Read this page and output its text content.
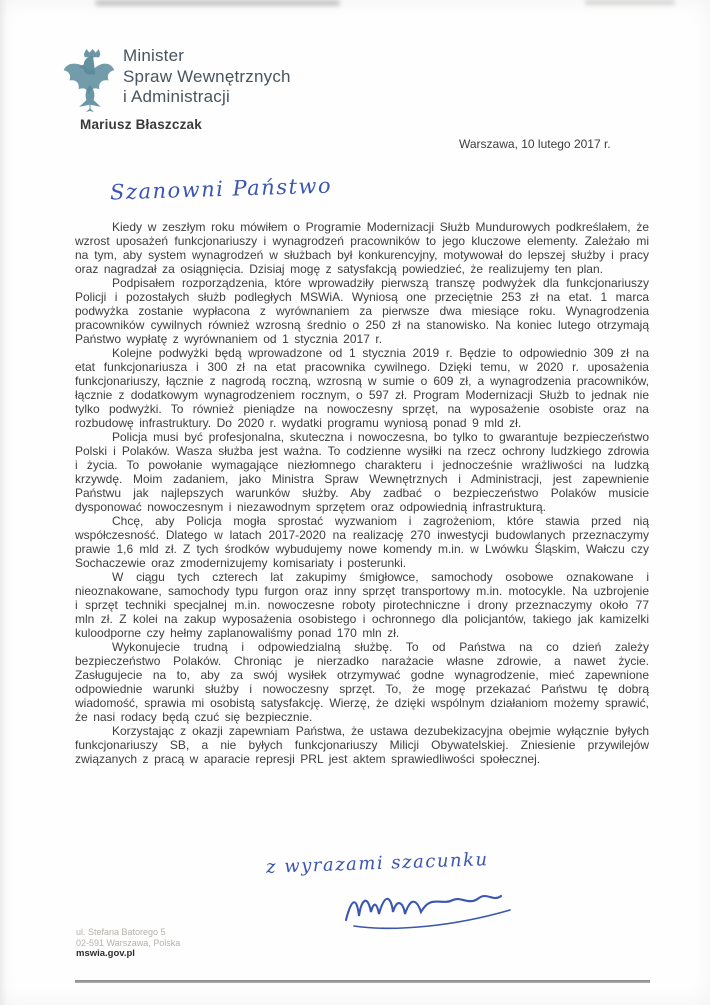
Minister
Spraw Wewnętrznych
i Administracji
Mariusz Błaszczak
Warszawa, 10 lutego 2017 r.
Szanowni Państwo

Kiedy w zeszłym roku mówiłem o Programie Modernizacji Służb Mundurowych podkreślałem, że wzrost uposażeń funkcjonariuszy i wynagrodzeń pracowników to jego kluczowe elementy. Zależało mi na tym, aby system wynagrodzeń w służbach był konkurencyjny, motywował do lepszej służby i pracy oraz nagradzał za osiągnięcia. Dzisiaj mogę z satysfakcją powiedzieć, że realizujemy ten plan.

Podpisałem rozporządzenia, które wprowadziły pierwszą transzę podwyżek dla funkcjonariuszy Policji i pozostałych służb podległych MSWiA. Wyniosą one przeciętnie 253 zł na etat. 1 marca podwyżka zostanie wypłacona z wyrównaniem za pierwsze dwa miesiące roku. Wynagrodzenia pracowników cywilnych również wzrosną średnio o 250 zł na stanowisko. Na koniec lutego otrzymają Państwo wypłatę z wyrównaniem od 1 stycznia 2017 r.

Kolejne podwyżki będą wprowadzone od 1 stycznia 2019 r. Będzie to odpowiednio 309 zł na etat funkcjonariusza i 300 zł na etat pracownika cywilnego. Dzięki temu, w 2020 r. uposażenia funkcjonariuszy, łącznie z nagrodą roczną, wzrosną w sumie o 609 zł, a wynagrodzenia pracowników, łącznie z dodatkowym wynagrodzeniem rocznym, o 597 zł. Program Modernizacji Służb to jednak nie tylko podwyżki. To również pieniądze na nowoczesny sprzęt, na wyposażenie osobiste oraz na rozbudowę infrastruktury. Do 2020 r. wydatki programu wyniosą ponad 9 mld zł.

Policja musi być profesjonalna, skuteczna i nowoczesna, bo tylko to gwarantuje bezpieczeństwo Polski i Polaków. Wasza służba jest ważna. To codzienne wysiłki na rzecz ochrony ludzkiego zdrowia i życia. To powołanie wymagające niezłomnego charakteru i jednocześnie wrażliwości na ludzką krzywdę. Moim zadaniem, jako Ministra Spraw Wewnętrznych i Administracji, jest zapewnienie Państwu jak najlepszych warunków służby. Aby zadbać o bezpieczeństwo Polaków musicie dysponować nowoczesnym i niezawodnym sprzętem oraz odpowiednią infrastrukturą.

Chcę, aby Policja mogła sprostać wyzwaniom i zagrożeniom, które stawia przed nią współczesność. Dlatego w latach 2017-2020 na realizację 270 inwestycji budowlanych przeznaczymy prawie 1,6 mld zł. Z tych środków wybudujemy nowe komendy m.in. w Lwówku Śląskim, Wałczu czy Sochaczewie oraz zmodernizujemy komisariaty i posterunki.

W ciągu tych czterech lat zakupimy śmigłowce, samochody osobowe oznakowane i nieoznakowane, samochody typu furgon oraz inny sprzęt transportowy m.in. motocykle. Na uzbrojenie i sprzęt techniki specjalnej m.in. nowoczesne roboty pirotechniczne i drony przeznaczymy około 77 mln zł. Z kolei na zakup wyposażenia osobistego i ochronnego dla policjantów, takiego jak kamizelki kuloodporne czy hełmy zaplanowaliśmy ponad 170 mln zł.

Wykonujecie trudną i odpowiedzialną służbę. To od Państwa na co dzień zależy bezpieczeństwo Polaków. Chroniąc je nierzadko narażacie własne zdrowie, a nawet życie. Zasługujecie na to, aby za swój wysiłek otrzymywać godne wynagrodzenie, mieć zapewnione odpowiednie warunki służby i nowoczesny sprzęt. To, że mogę przekazać Państwu tę dobrą wiadomość, sprawia mi osobistą satysfakcję. Wierzę, że dzięki wspólnym działaniom możemy sprawić, że nasi rodacy będą czuć się bezpiecznie.

Korzystając z okazji zapewniam Państwa, że ustawa dezubekizacyjna obejmie wyłącznie byłych funkcjonariuszy SB, a nie byłych funkcjonariuszy Milicji Obywatelskiej. Zniesienie przywilejów związanych z pracą w aparacie represji PRL jest aktem sprawiedliwości społecznej.

z wyrazami szacunku
ul. Stefana Batorego 5
02-591 Warszawa, Polska
mswia.gov.pl
